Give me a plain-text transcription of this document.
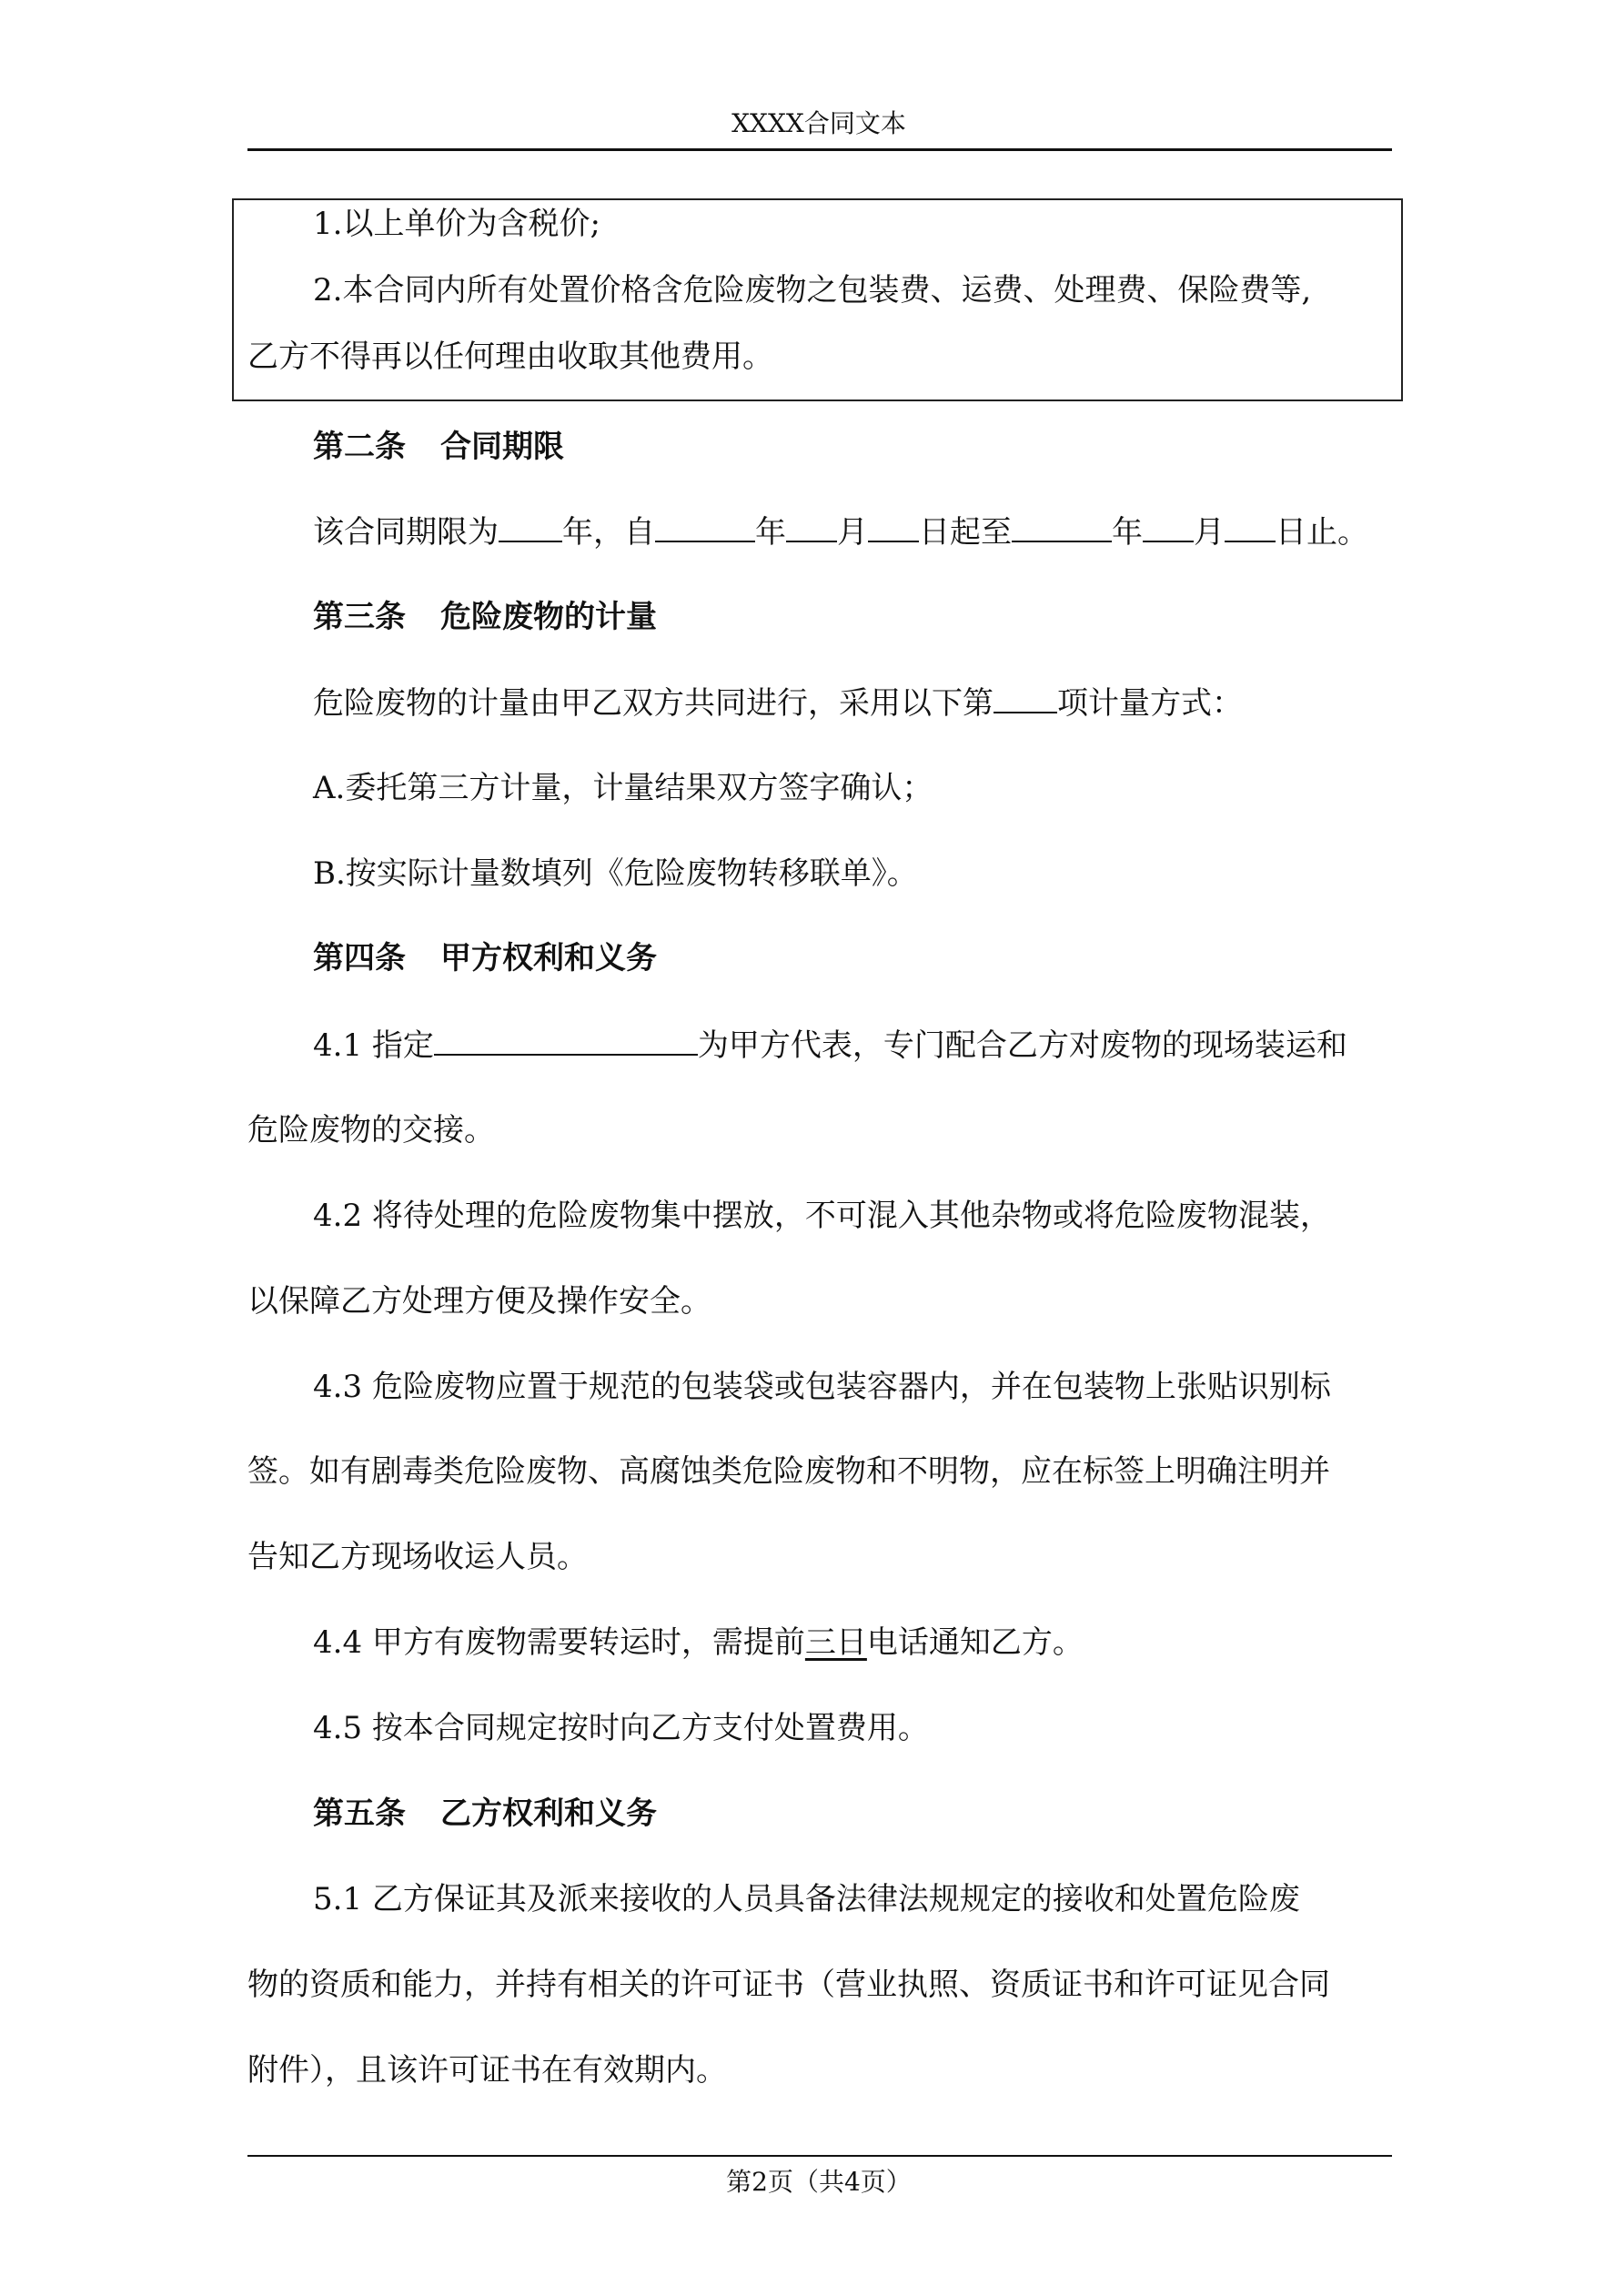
XXXX合同文本
1.以上单价为含税价;
2.本合同内所有处置价格含危险废物之包装费、运费、处理费、保险费等,
乙方不得再以任何理由收取其他费用。
第二条 合同期限
该合同期限为 年，自	年 月 日起至	年 月 日止。
第三条 危险废物的计量
危险废物的计量由甲乙双方共同进行，采用以下第 项计量方式：
A.委托第三方计量，计量结果双方签字确认；
B.按实际计量数填列《危险废物转移联单》。
第四条 甲方权利和义务
4.1 指定	为甲方代表，专门配合乙方对废物的现场装运和
危险废物的交接。
4.2 将待处理的危险废物集中摆放，不可混入其他杂物或将危险废物混装，
以保障乙方处理方便及操作安全。
4.3 危险废物应置于规范的包装袋或包装容器内，并在包装物上张贴识别标
签。如有剧毒类危险废物、高腐蚀类危险废物和不明物，应在标签上明确注明并
告知乙方现场收运人员。
4.4 甲方有废物需要转运时，需提前三日电话通知乙方。
4.5 按本合同规定按时向乙方支付处置费用。
第五条 乙方权利和义务
5.1 乙方保证其及派来接收的人员具备法律法规规定的接收和处置危险废
物的资质和能力，并持有相关的许可证书（营业执照、资质证书和许可证见合同
附件），且该许可证书在有效期内。
第2页（共4页）
